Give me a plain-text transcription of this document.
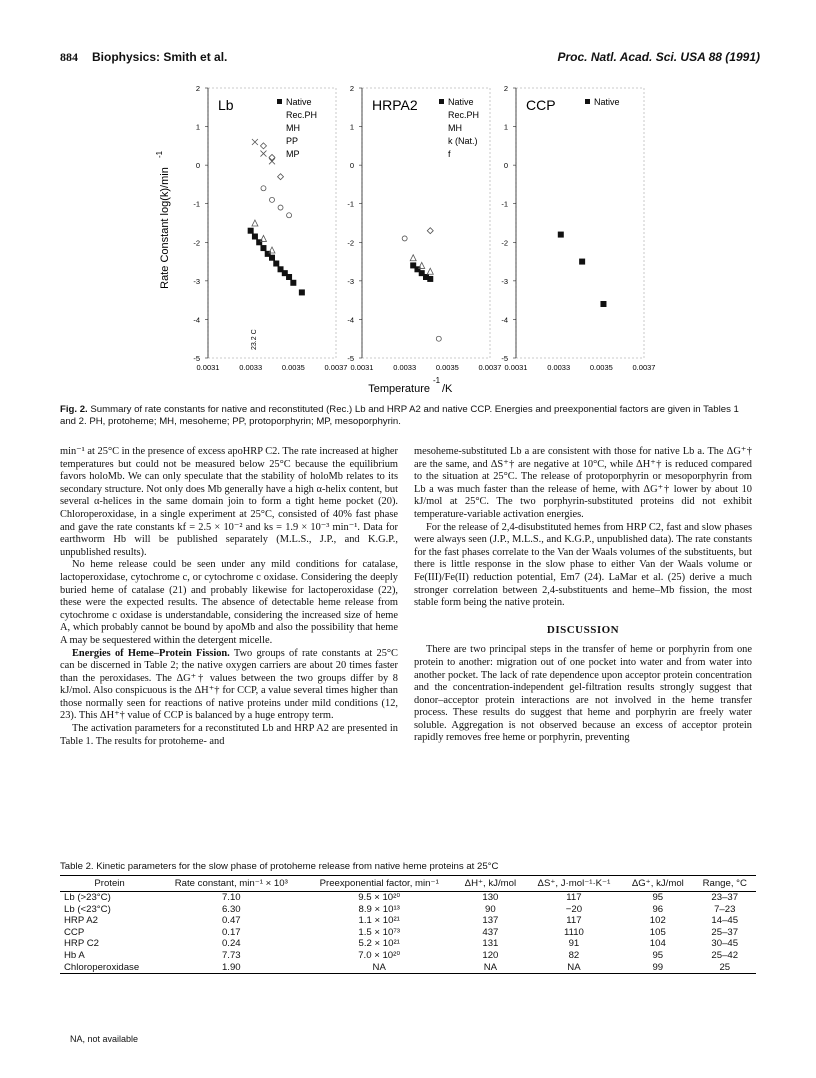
884 Biophysics: Smith et al.	Proc. Natl. Acad. Sci. USA 88 (1991)
Rate Constant log(k)/min
-1
2
1
0
-1
-2
-3
-4
-5
0.0031	0.0033	0.0035	0.0037
Lb	Native
Rec.PH
MH
PP
MP
23.2 C
2
1
0
-1
-2
-3
-4
-5
0.0031	0.0033	0.0035	0.0037
HRPA2	Native
Rec.PH
MH
k (Nat.)
f
2
1
0
-1
-2
-3
-4
-5
0.0031	0.0033	0.0035	0.0037
CCP	Native
Temperature
-1
/K
Fig. 2. Summary of rate constants for native and reconstituted (Rec.) Lb and HRP A2 and native CCP. Energies and preexponential factors are given in Tables 1 and 2. PH, protoheme; MH, mesoheme; PP, protoporphyrin; MP, mesoporphyrin.

min⁻¹ at 25°C in the presence of excess apoHRP C2. The rate increased at higher temperatures but could not be measured below 25°C because the equilibrium favors holoMb. We can only speculate that the stability of holoMb relates to its secondary structure. Not only does Mb generally have a high α-helix content, but several α-helices in the same domain join to form a tight heme pocket (20). Chloroperoxidase, in a single experiment at 25°C, consisted of 40% fast phase and gave the rate constants kf = 2.5 × 10⁻² and ks = 1.9 × 10⁻³ min⁻¹. Data for earthworm Hb will be published separately (M.L.S., J.P., and K.G.P., unpublished results).

No heme release could be seen under any mild conditions for catalase, lactoperoxidase, cytochrome c, or cytochrome c oxidase. Considering the deeply buried heme of catalase (21) and probably likewise for lactoperoxidase (22), these were the expected results. The absence of detectable heme release from cytochrome c oxidase is understandable, considering the increased size of heme A, which probably cannot be bound by apoMb and also the possibility that heme A may be sequestered within the detergent micelle.

Energies of Heme–Protein Fission. Two groups of rate constants at 25°C can be discerned in Table 2; the native oxygen carriers are about 20 times faster than the peroxidases. The ΔG⁺† values between the two groups differ by 8 kJ/mol. Also conspicuous is the ΔH⁺† for CCP, a value several times higher than those normally seen for reactions of native proteins under mild conditions (12, 23). This ΔH⁺† value of CCP is balanced by a huge entropy term.

The activation parameters for a reconstituted Lb and HRP A2 are presented in Table 1. The results for protoheme- and

mesoheme-substituted Lb a are consistent with those for native Lb a. The ΔG⁺† are the same, and ΔS⁺† are negative at 10°C, while ΔH⁺† is reduced compared to the situation at 25°C. The release of protoporphyrin or mesoporphyrin from Lb a was much faster than the release of heme, with ΔG⁺† lower by about 10 kJ/mol at 25°C. The two porphyrin-substituted proteins did not exhibit temperature-variable activation energies.

For the release of 2,4-disubstituted hemes from HRP C2, fast and slow phases were always seen (J.P., M.L.S., and K.G.P., unpublished data). The rate constants for the fast phases correlate to the Van der Waals volumes of the substituents, but there is little response in the slow phase to either Van der Waals volume or Fe(III)/Fe(II) reduction potential, Em7 (24). LaMar et al. (25) derive a much stronger correlation between 2,4-substituents and heme–Mb fission, the most stable form being the native protein.

DISCUSSION

There are two principal steps in the transfer of heme or porphyrin from one protein to another: migration out of one pocket into water and from water into another pocket. The lack of rate dependence upon acceptor protein concentration and the concentration-independent gel-filtration results strongly suggest that donor–acceptor protein interactions are not involved in the heme transfer process. These results do suggest that heme and porphyrin are freely water soluble. Aggregation is not observed because an excess of acceptor protein rapidly removes free heme or porphyrin, preventing

Table 2. Kinetic parameters for the slow phase of protoheme release from native heme proteins at 25°C
Protein	Rate constant, min⁻¹ × 10³	Preexponential factor, min⁻¹	ΔH⁺, kJ/mol	ΔS⁺, J·mol⁻¹·K⁻¹	ΔG⁺, kJ/mol	Range, °C
Lb (>23°C)	7.10	9.5 × 10²⁰	130	117	95	23–37
Lb (<23°C)	6.30	8.9 × 10¹³	90	−20	96	7–23
HRP A2	0.47	1.1 × 10²¹	137	117	102	14–45
CCP	0.17	1.5 × 10⁷³	437	1110	105	25–37
HRP C2	0.24	5.2 × 10²¹	131	91	104	30–45
Hb A	7.73	7.0 × 10²⁰	120	82	95	25–42
Chloroperoxidase	1.90	NA	NA	NA	99	25
NA, not available
